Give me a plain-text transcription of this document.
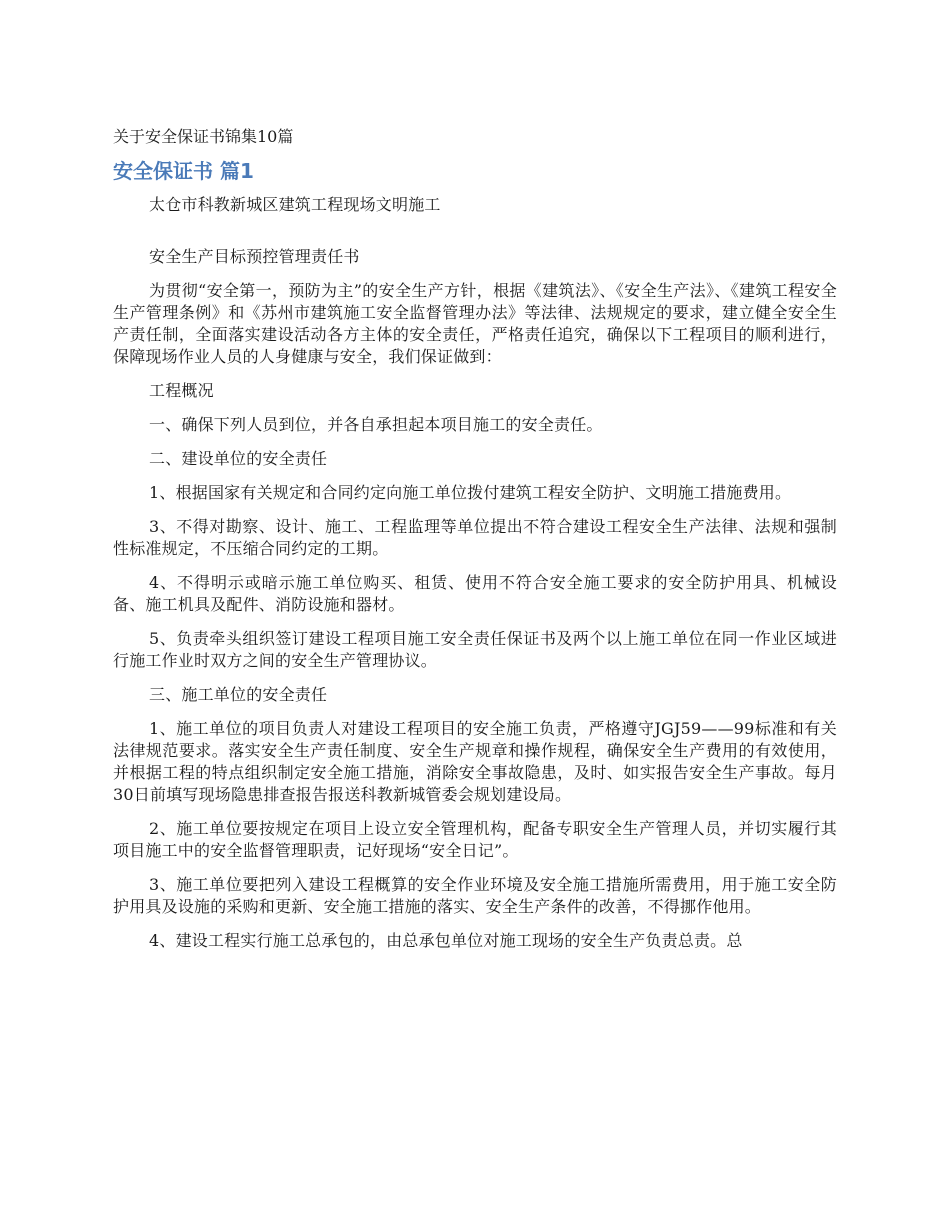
关于安全保证书锦集10篇
安全保证书 篇1

太仓市科教新城区建筑工程现场文明施工

安全生产目标预控管理责任书

为贯彻“安全第一，预防为主”的安全生产方针，根据《建筑法》、《安全生产法》、《建筑工程安全生产管理条例》和《苏州市建筑施工安全监督管理办法》等法律、法规规定的要求，建立健全安全生产责任制，全面落实建设活动各方主体的安全责任，严格责任追究，确保以下工程项目的顺利进行，保障现场作业人员的人身健康与安全，我们保证做到：

工程概况

一、确保下列人员到位，并各自承担起本项目施工的安全责任。

二、建设单位的安全责任

1、根据国家有关规定和合同约定向施工单位拨付建筑工程安全防护、文明施工措施费用。

3、不得对勘察、设计、施工、工程监理等单位提出不符合建设工程安全生产法律、法规和强制性标准规定，不压缩合同约定的工期。

4、不得明示或暗示施工单位购买、租赁、使用不符合安全施工要求的安全防护用具、机械设备、施工机具及配件、消防设施和器材。

5、负责牵头组织签订建设工程项目施工安全责任保证书及两个以上施工单位在同一作业区域进行施工作业时双方之间的安全生产管理协议。

三、施工单位的安全责任

1、施工单位的项目负责人对建设工程项目的安全施工负责，严格遵守JGJ59——99标准和有关法律规范要求。落实安全生产责任制度、安全生产规章和操作规程，确保安全生产费用的有效使用，并根据工程的特点组织制定安全施工措施，消除安全事故隐患，及时、如实报告安全生产事故。每月30日前填写现场隐患排查报告报送科教新城管委会规划建设局。

2、施工单位要按规定在项目上设立安全管理机构，配备专职安全生产管理人员，并切实履行其项目施工中的安全监督管理职责，记好现场“安全日记”。

3、施工单位要把列入建设工程概算的安全作业环境及安全施工措施所需费用，用于施工安全防护用具及设施的采购和更新、安全施工措施的落实、安全生产条件的改善，不得挪作他用。

4、建设工程实行施工总承包的，由总承包单位对施工现场的安全生产负责总责。总
